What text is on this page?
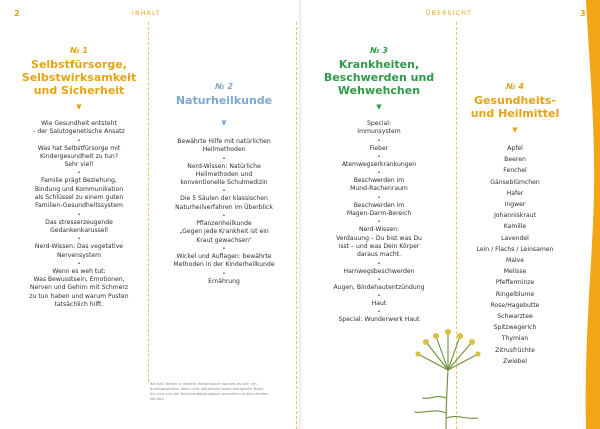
2	INHALT
№ 1
Selbstfürsorge,
Selbstwirksamkeit
und Sicherheit
▼
Wie Gesundheit entsteht
- der Salutogenetische Ansatz
•
Was hat Selbstfürsorge mit
Kindergesundheit zu tun?
Sehr viel!
•
Familie prägt Beziehung,
Bindung und Kommunikation
als Schlüssel zu einem guten
Familien-Gesundheitssystem
•
Das stresserzeugende
Gedankenkarussell
•
Nerd-Wissen: Das vegetative
Nervensystem
•
Wenn es weh tut:
Was Bewusstsein, Emotionen,
Nerven und Gehirn mit Schmerz
zu tun haben und warum Pusten
tatsächlich hilft.
№ 2
Naturheilkunde
▼
Bewährte Hilfe mit natürlichen
Heilmethoden
•
Nerd-Wissen: Natürliche
Heilmethoden und
konventionelle Schulmedizin
•
Die 5 Säulen der klassischen
Naturheilverfahren im Überblick
•
Pflanzenheilkunde
„Gegen jede Krankheit ist ein
Kraut gewachsen"
•
Wickel und Auflagen: bewährte
Methoden in der Kinderheilkunde
•
Ernährung
Bei den Texten in diesem Reisemuster handelt es sich um durchgesehene, aber nicht lektorierte sowie korrigierte Texte, die sich von der Buchhandelsausgabe wesentlich unterscheiden können.
ÜBERSICHT	3
№ 3
Krankheiten,
Beschwerden und
Wehwehchen
▼
Special:
Immunsystem
•
Fieber
•
Atemwegserkrankungen
•
Beschwerden im
Mund-Rachenraum
•
Beschwerden im
Magen-Darm-Bereich
•
Nerd-Wissen:
Verdauung – Du bist was Du
isst – und was Dein Körper
daraus macht.
•
Harnwegsbeschwerden
•
Augen, Bindehautentzündung
•
Haut
•
Special: Wunderwerk Haut
№ 4
Gesundheits-
und Heilmittel
▼
Apfel
Beeren
Fenchel
Gänseblümchen
Hafer
Ingwer
Johanniskraut
Kamille
Lavendel
Lein / Flachs / Leinsamen
Malve
Melisse
Pfefferminze
Ringelblume
Rose/Hagebutte
Schwarztee
Spitzwegerich
Thymian
Zitrusfrüchte
Zwiebel
